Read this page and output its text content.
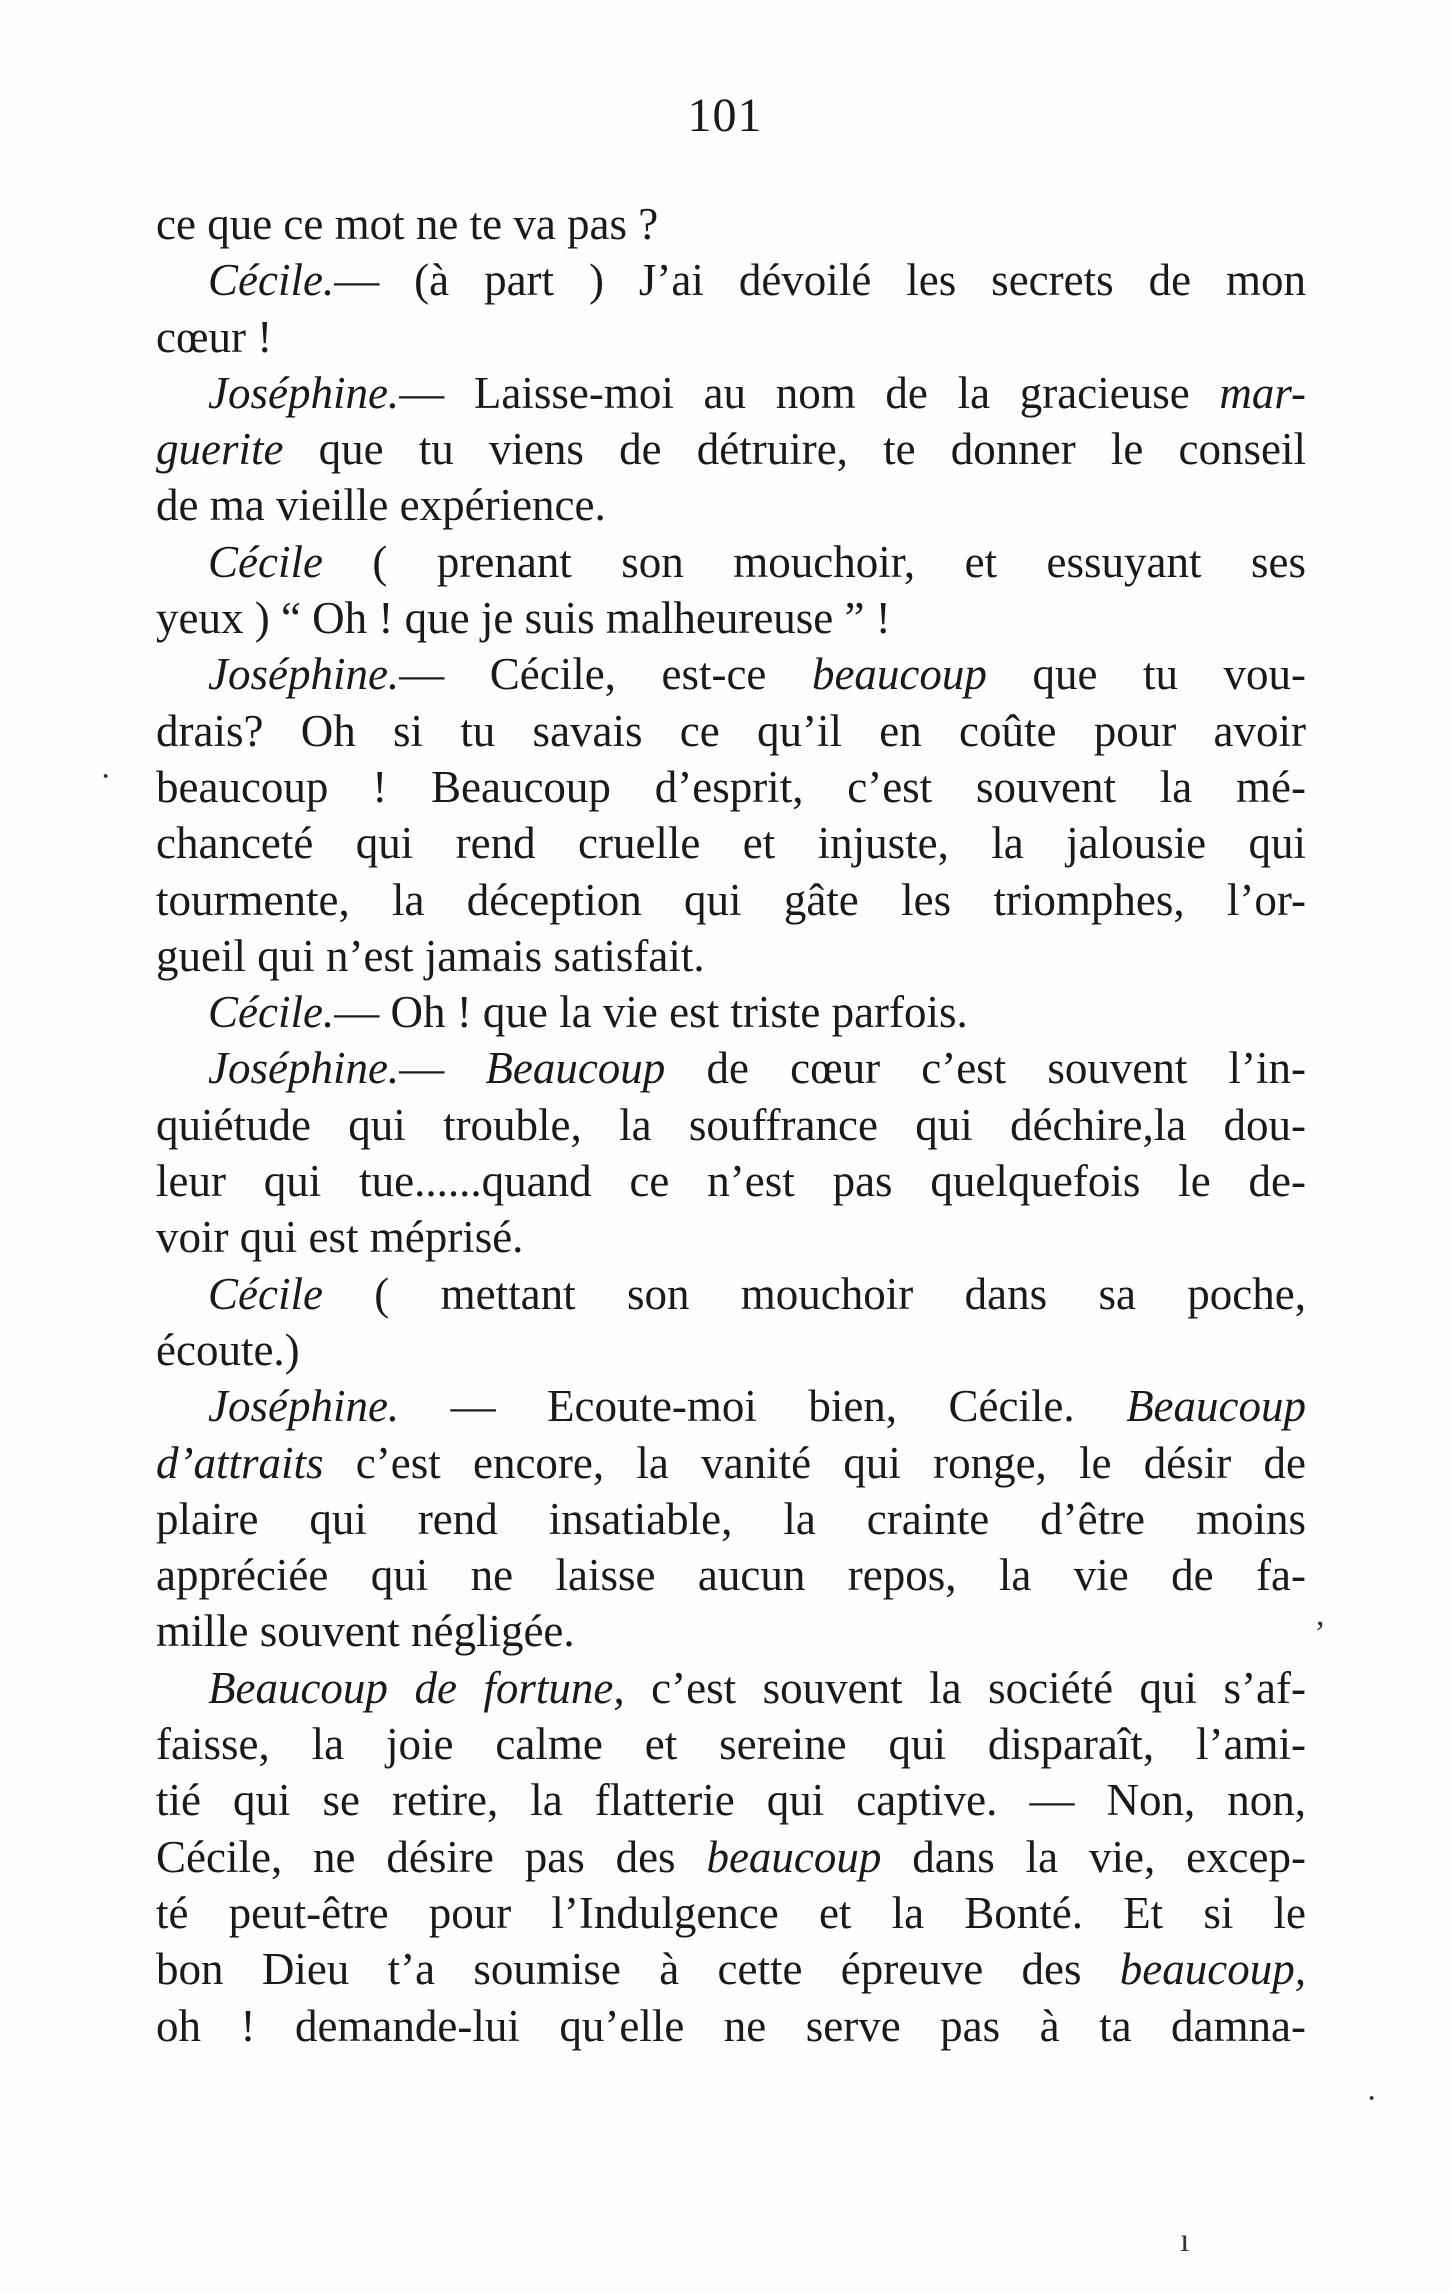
101
ce que ce mot ne te va pas ?
Cécile.— (à part ) J’ai dévoilé les secrets de mon
cœur !
Joséphine.— Laisse-moi au nom de la gracieuse mar-
guerite que tu viens de détruire, te donner le conseil
de ma vieille expérience.
Cécile ( prenant son mouchoir, et essuyant ses
yeux ) “ Oh ! que je suis malheureuse ” !
Joséphine.— Cécile, est-ce beaucoup que tu vou-
drais? Oh si tu savais ce qu’il en coûte pour avoir
beaucoup ! Beaucoup d’esprit, c’est souvent la mé-
chanceté qui rend cruelle et injuste, la jalousie qui
tourmente, la déception qui gâte les triomphes, l’or-
gueil qui n’est jamais satisfait.
Cécile.— Oh ! que la vie est triste parfois.
Joséphine.— Beaucoup de cœur c’est souvent l’in-
quiétude qui trouble, la souffrance qui déchire,la dou-
leur qui tue......quand ce n’est pas quelquefois le de-
voir qui est méprisé.
Cécile ( mettant son mouchoir dans sa poche,
écoute.)
Joséphine. — Ecoute-moi bien, Cécile. Beaucoup
d’attraits c’est encore, la vanité qui ronge, le désir de
plaire qui rend insatiable, la crainte d’être moins
appréciée qui ne laisse aucun repos, la vie de fa-
mille souvent négligée.
Beaucoup de fortune, c’est souvent la société qui s’af-
faisse, la joie calme et sereine qui disparaît, l’ami-
tié qui se retire, la flatterie qui captive. — Non, non,
Cécile, ne désire pas des beaucoup dans la vie, excep-
té peut-être pour l’Indulgence et la Bonté. Et si le
bon Dieu t’a soumise à cette épreuve des beaucoup,
oh ! demande-lui qu’elle ne serve pas à ta damna-
·
,
·
ı
